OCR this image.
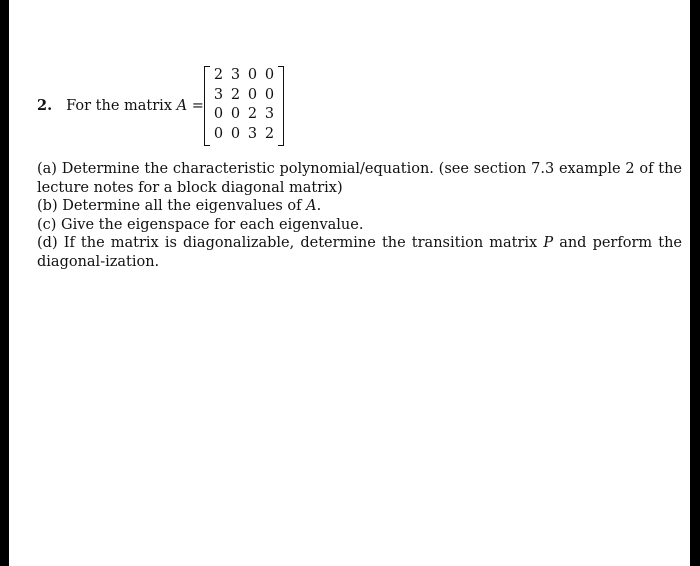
2. For the matrix A =
2 3 0 0
3 2 0 0
0 0 2 3
0 0 3 2

(a) Determine the characteristic polynomial/equation. (see section 7.3 example 2 of the lecture notes for a block diagonal matrix)

(b) Determine all the eigenvalues of A.

(c) Give the eigenspace for each eigenvalue.

(d) If the matrix is diagonalizable, determine the transition matrix P and perform the diagonal-ization.
